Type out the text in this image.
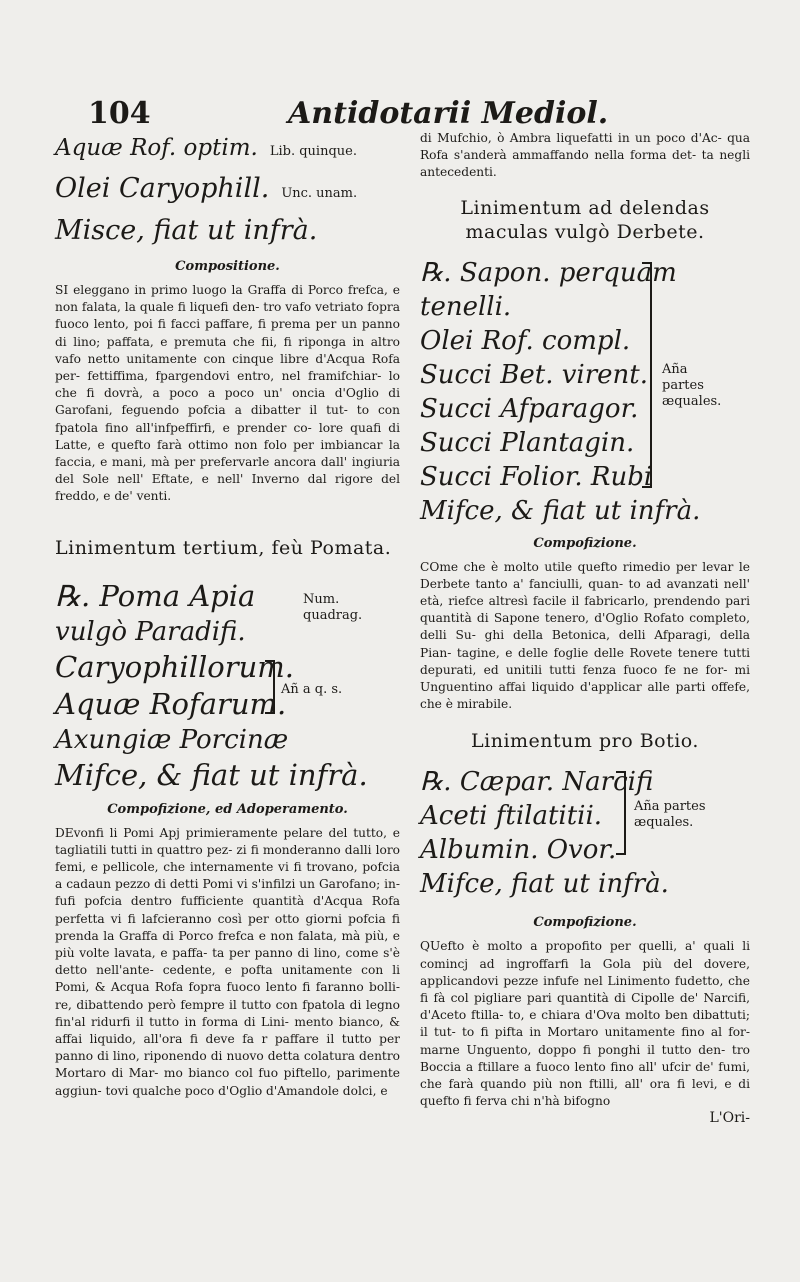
104	Antidotarii Mediol.
Aquæ Rof. optim. Lib. quinque.
Olei Caryophill. Unc. unam.
Misce, fiat ut infrà.
Compositione.

SI eleggano in primo luogo la Graffa di Porco frefca, e non falata, la quale fi liquefi den- tro vafo vetriato fopra fuoco lento, poi fi facci paffare, fi prema per un panno di lino; paffata, e premuta che fii, fi riponga in altro vafo netto unitamente con cinque libre d'Acqua Rofa per- fettiffima, fpargendovi entro, nel framifchiar- lo che fi dovrà, a poco a poco un' oncia d'Oglio di Garofani, feguendo pofcia a dibatter il tut- to con fpatola fino all'infpeffirfi, e prender co- lore quafi di Latte, e quefto farà ottimo non folo per imbiancar la faccia, e mani, mà per prefervarle ancora dall' ingiuria del Sole nell' Eftate, e nell' Inverno dal rigore del freddo, e de' venti.

Linimentum tertium, feù Pomata.
℞. Poma Apia
vulgò Paradifi.
Caryophillorum.
Aquæ Rofarum.
Axungiæ Porcinæ
Mifce, & fiat ut infrà.
Num. quadrag.
Añ a q. s.
Compofizione, ed Adoperamento.

DEvonfi li Pomi Apj primieramente pelare del tutto, e tagliatili tutti in quattro pez- zi fi monderanno dalli loro femi, e pellicole, che internamente vi fi trovano, pofcia a cadaun pezzo di detti Pomi vi s'infilzi un Garofano; in- fufi pofcia dentro fufficiente quantità d'Acqua Rofa perfetta vi fi lafcieranno così per otto giorni pofcia fi prenda la Graffa di Porco frefca e non falata, mà più, e più volte lavata, e paffa- ta per panno di lino, come s'è detto nell'ante- cedente, e pofta unitamente con li Pomi, & Acqua Rofa fopra fuoco lento fi faranno bolli- re, dibattendo però fempre il tutto con fpatola di legno fin'al ridurfi il tutto in forma di Lini- mento bianco, & affai liquido, all'ora fi deve fa r paffare il tutto per panno di lino, riponendo di nuovo detta colatura dentro Mortaro di Mar- mo bianco col fuo piftello, parimente aggiun- tovi qualche poco d'Oglio d'Amandole dolci, e

di Mufchio, ò Ambra liquefatti in un poco d'Ac- qua Rofa s'anderà ammaffando nella forma det- ta negli antecedenti.

Linimentum ad delendas maculas vulgò Derbete.
℞. Sapon. perquam
tenelli.
Olei Rof. compl.
Succi Bet. virent.
Succi Afparagor.
Succi Plantagin.
Succi Folior. Rubi
Mifce, & fiat ut infrà.
Aña partes æquales.
Compofizione.

COme che è molto utile quefto rimedio per levar le Derbete tanto a' fanciulli, quan- to ad avanzati nell' età, riefce altresì facile il fabricarlo, prendendo pari quantità di Sapone tenero, d'Oglio Rofato completo, delli Su- ghi della Betonica, delli Afparagi, della Pian- tagine, e delle foglie delle Rovete tenere tutti depurati, ed unitili tutti fenza fuoco fe ne for- mi Unguentino affai liquido d'applicar alle parti offefe, che è mirabile.

Linimentum pro Botio.
℞. Cæpar. Narcifi
Aceti ftilatitii.
Albumin. Ovor.
Mifce, fiat ut infrà.
Aña partes æquales.
Compofizione.

QUefto è molto a propofito per quelli, a' quali li comincj ad ingroffarfi la Gola più del dovere, applicandovi pezze infufe nel Linimento fudetto, che fi fà col pigliare pari quantità di Cipolle de' Narcifi, d'Aceto ftilla- to, e chiara d'Ova molto ben dibattuti; il tut- to fi pifta in Mortaro unitamente fino al for- marne Unguento, doppo fi ponghi il tutto den- tro Boccia a ftillare a fuoco lento fino all' ufcir de' fumi, che farà quando più non ftilli, all' ora fi levi, e di quefto fi ferva chi n'hà bifogno

L'Ori-
